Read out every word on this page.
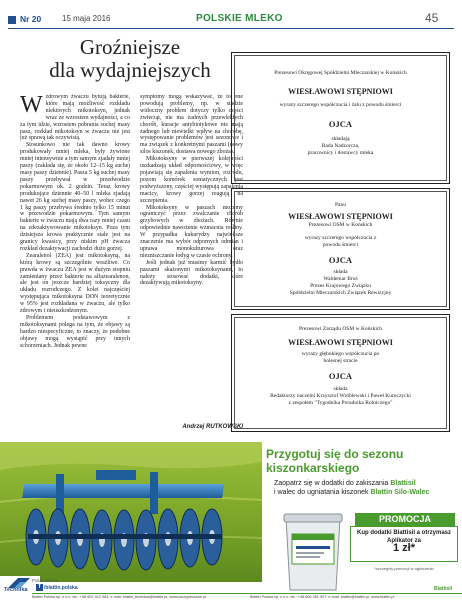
Nr 20	15 maja 2016	POLSKIE MLEKO	45
Groźniejsze
dla wydajniejszych

Wzdrowym żwaczu bytują bakterie, które mają możliwość rozkładu niektórych mikotoksyn, jednak wraz ze wzrostem wydajności, a co za tym idzie, wzrostem pobrania suchej masy pasz, rozkład mikotoksyn w żwaczu nie jest już sprawą tak oczywistą.

Stosunkowo nie tak dawno krowy produkowały mniej mleka, były żywione mniej intensywnie a tym samym zjadały mniej paszy (zakłada się, że około 12–15 kg suchej masy paszy dziennie). Pasza 5 kg suchej masy paszy przebywał w przedwodzie pokarmowym ok. 2 godzin. Teraz krowy produkujące dziennie 40–50 l mleka zjadają nawet 26 kg suchej masy paszy, wobec czego 1 kg paszy przebywa średnio tylko 15 minut w przewodzie pokarmowym. Tym samym bakterie w żwaczu mają dwa razy mniej czasu na zdezaktywowanie mikotoksyn. Poza tym dzisiejsza krowa praktycznie stale jest na granicy kwasicy, przy niskim pH żwacza rozkład dezaktywacji zachodzi dużo gorzej.

Zearalenol (ZEA) jest mikotoksyną, na którą krowy są szczególnie wrażliwe. Co prawda w żwaczu ZEA jest w dużym stopniu zamieniany przez bakterie na alfazearalenon, ale jest on jeszcze bardziej toksyczny dla układu rozrodczego. Z kolei najczęściej występująca mikotoksyna DON teoretycznie w 95% jest rozkładana w żwaczu, ale tylko zdrowym i nieuszkodzonym.

Problemem podstawowym z mikotoksynami polega na tym, że objawy są bardzo niespecyficzne, to znaczy, że podobne objawy mogą wystąpić przy innych schorzeniach. Jednak pewne

symptomy mogą wskazywać, że to one powodują problemy, np. w stadzie widoczny problem dotyczy tylko części zwierząt, nie ma żadnych przewlekłych chorób, kuracje antybiotykowe nie mają żadnego lub niewielki wpływ na chorobę, występowanie problemów jest sezonowe i ma związek z konkretnymi paszami (nowy silos kiszonek, dostawa nowego zboża).

Mikotoksyny w pierwszej kolejności uszkadzają układ odpornościowy, w więc pojawiają się zapalenia wymion, rozrodu, pozom komórek somatycznych jest podwyższony, częściej występują zapalenia macicy, krowy gorzej reagują na szczepienia.

Mikotoksyny w paszach możemy ograniczyć przez zwalczanie chorób grzybowych w zbożach. Równie odpowiednie nawożenie wzmacnia rośliny. W przypadku kukurydzy największe znaczenie ma wybór odpornych odmian i uprawa monokulturowa oraz niezniszczanie łodyg w czasie ochrony.

Jeśli jednak już musimy karmić bydło paszami skażonymi mikotoksynami, to należy stosować dodatki, które dezaktywują mikotoksyny.

Andrzej RUTKOWSKI
Prezesowi Okręgowej Spółdzielni Mleczarskiej w Końskich
WIESŁAWOWI STĘPNIOWI
wyrazy szczerego współczucia i żalu z powodu śmierci
OJCA
składają
Rada Nadzorcza,
pracownicy i dostawcy mleka
Panu
WIESŁAWOWI STĘPNIOWI
Prezesowi OSM w Końskich
wyrazy szczerego współczucia z powodu śmierci
OJCA
składa
Waldemar Broś
Prezes Krajowego Związku
Spółdzielni Mleczarskich Związek Rewizyjny
Prezesowi Zarządu OSM w Końskich
WIESŁAWOWI STĘPNIOWI
wyrazy głębokiego współczucia po bolesnej stracie
OJCA
składa
Redaktorzy naczelni Krzysztof Wróblewski i Paweł Kuroczycki
z zespołem "Tygodnika Poradnika Rolniczego"
Przygotuj się do sezonu kiszonkarskiego
Zaopatrz się w dodatki do zakiszania Blattisil
i walec do ugniatania kiszonek Blattin Silo-Walec
PROMOCJA
Kup dodatki Blattisil a otrzymasz Aplikator za
1 zł*
*szczegóły promocji w ogłoszeniu
Technika
Polub nas na
f /blattin.polska
Blattin Polska sp. z o.o. tel.: +48 602 412 983, e-mail: blattin_technika@blattin.pl, www.wozypaszowe.pl	Blattin Polska sp. z o.o. tel.: +48 606 351 907, e-mail: blattin@blattin.pl, www.blattin.pl
Blattisil
